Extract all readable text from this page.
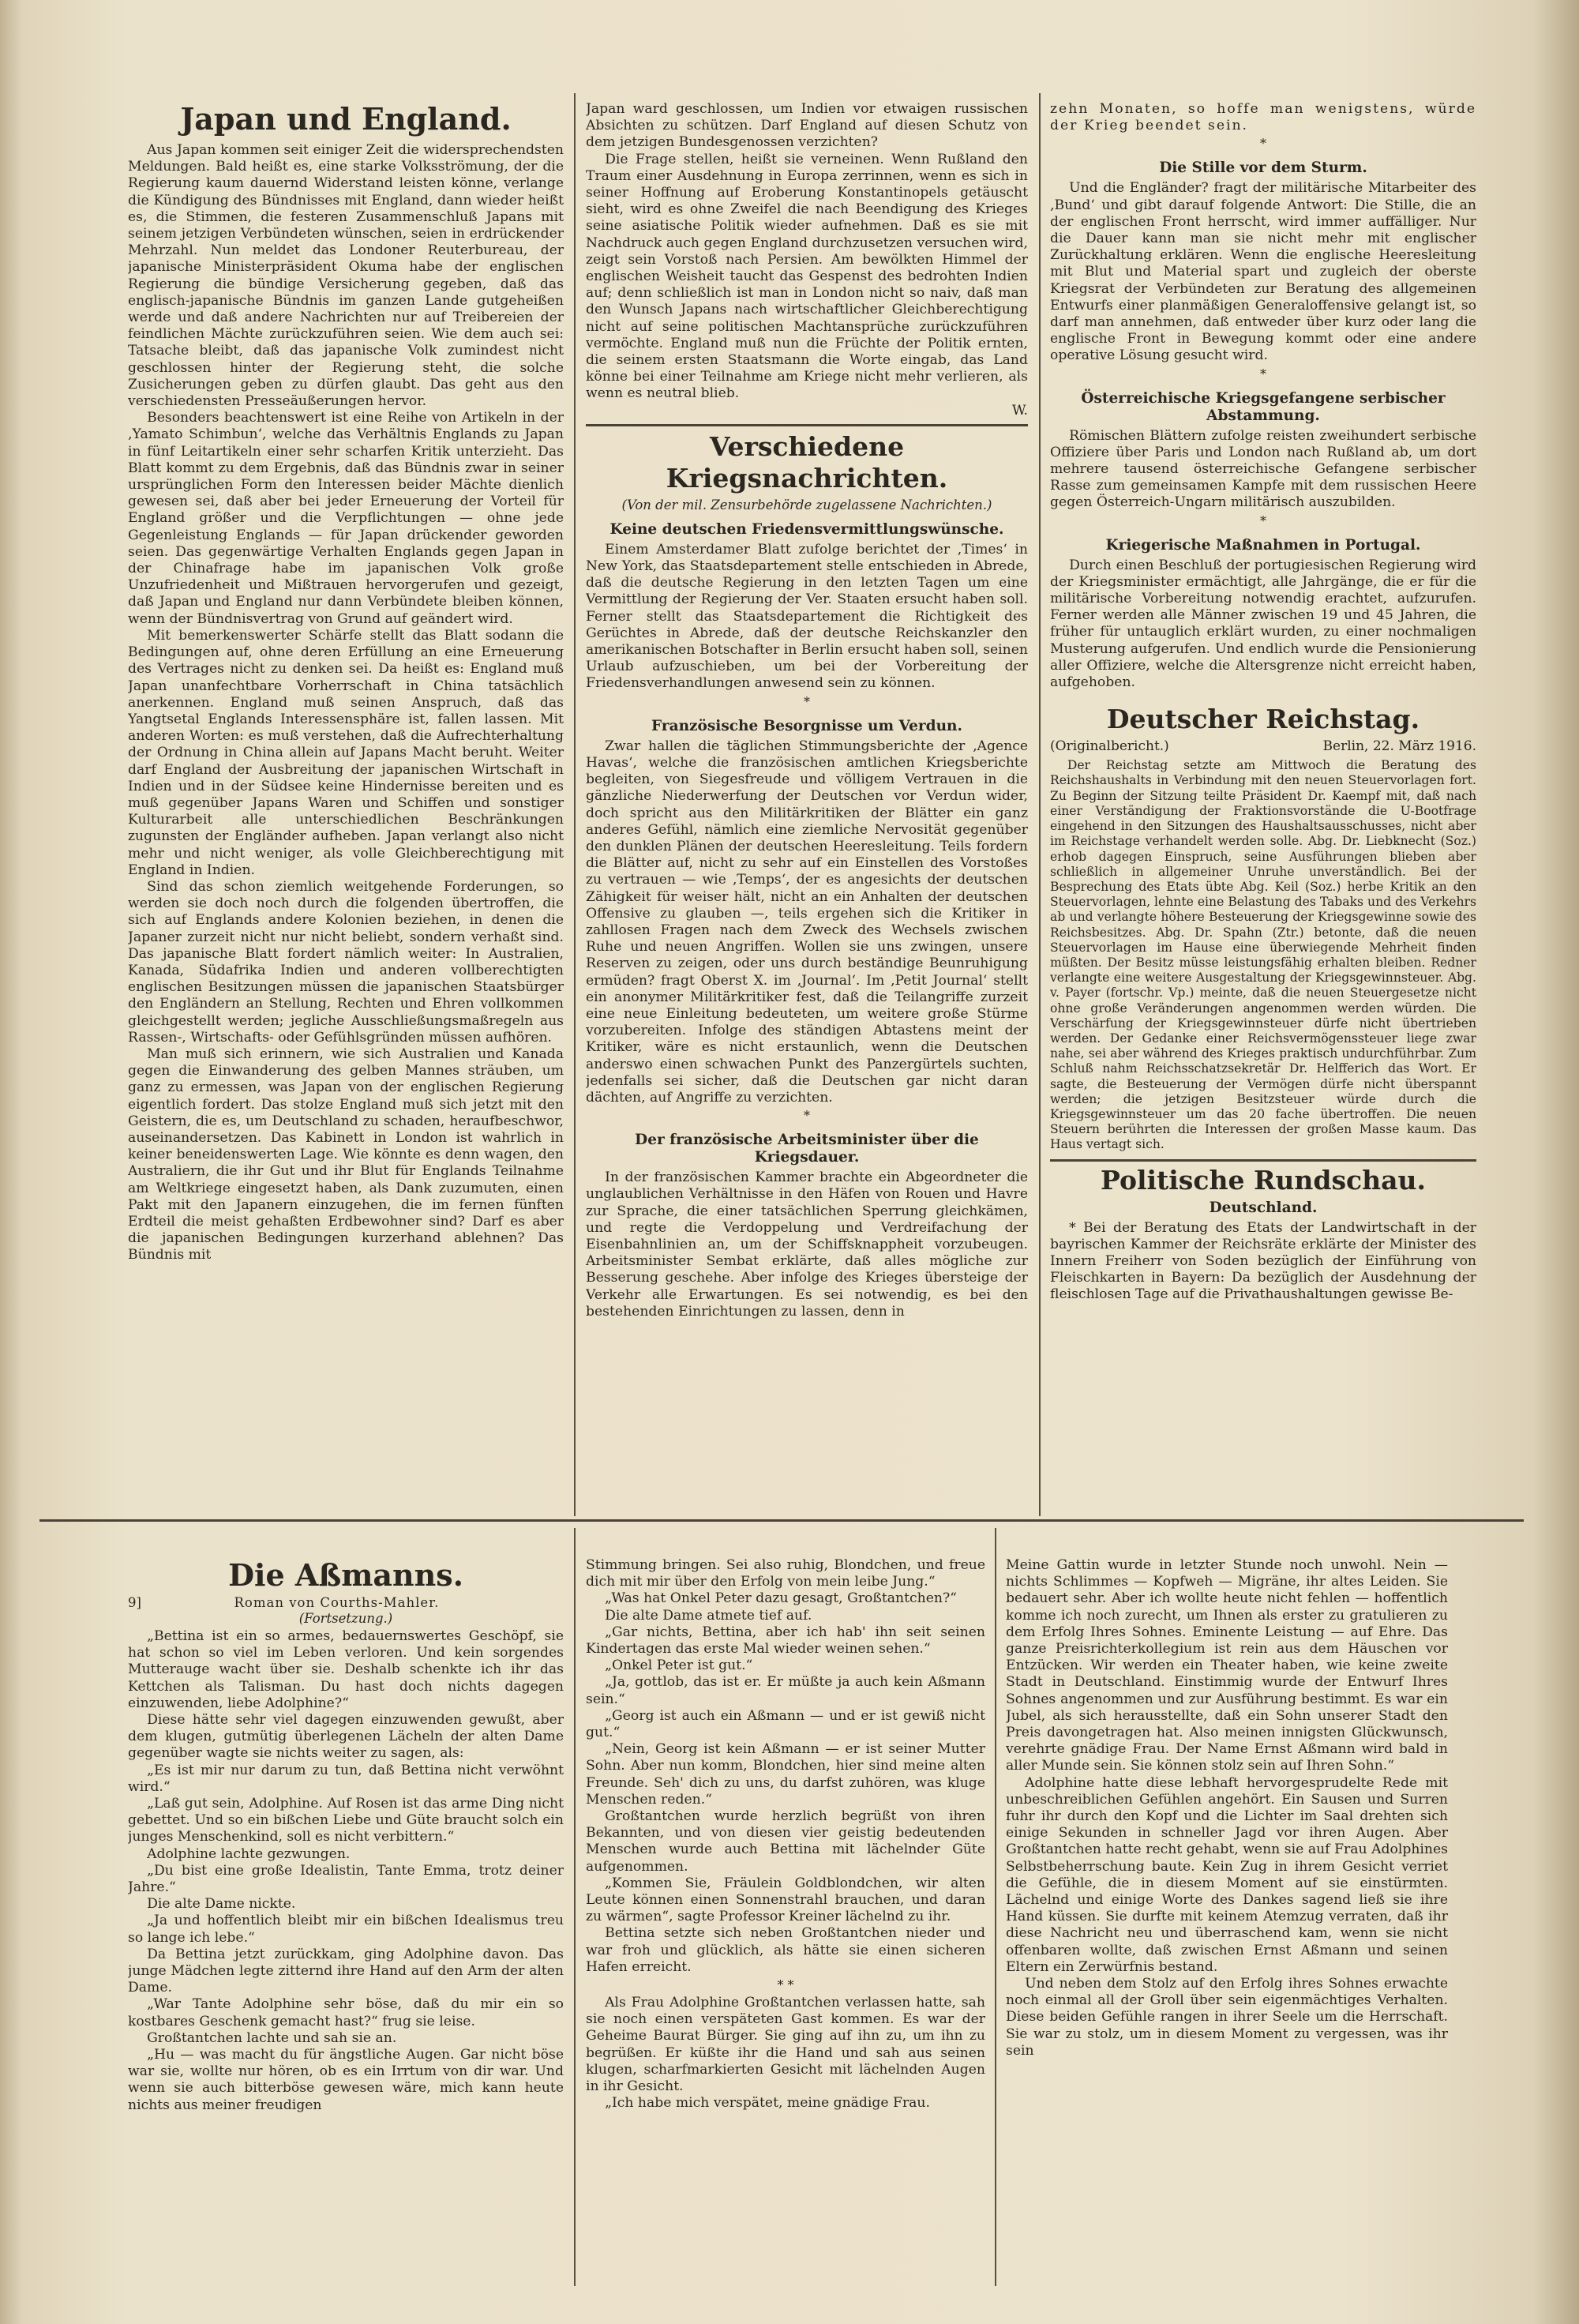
Japan und England.

Aus Japan kommen seit einiger Zeit die widersprechendsten Meldungen. Bald heißt es, eine starke Volksströmung, der die Regierung kaum dauernd Widerstand leisten könne, verlange die Kündigung des Bündnisses mit England, dann wieder heißt es, die Stimmen, die festeren Zusammenschluß Japans mit seinem jetzigen Verbündeten wünschen, seien in erdrückender Mehrzahl. Nun meldet das Londoner Reuterbureau, der japanische Ministerpräsident Okuma habe der englischen Regierung die bündige Versicherung gegeben, daß das englisch-japanische Bündnis im ganzen Lande gutgeheißen werde und daß andere Nachrichten nur auf Treibereien der feindlichen Mächte zurückzuführen seien. Wie dem auch sei: Tatsache bleibt, daß das japanische Volk zumindest nicht geschlossen hinter der Regierung steht, die solche Zusicherungen geben zu dürfen glaubt. Das geht aus den verschiedensten Presseäußerungen hervor.

Besonders beachtenswert ist eine Reihe von Artikeln in der ‚Yamato Schimbun‘, welche das Verhältnis Englands zu Japan in fünf Leitartikeln einer sehr scharfen Kritik unterzieht. Das Blatt kommt zu dem Ergebnis, daß das Bündnis zwar in seiner ursprünglichen Form den Interessen beider Mächte dienlich gewesen sei, daß aber bei jeder Erneuerung der Vorteil für England größer und die Verpflichtungen — ohne jede Gegenleistung Englands — für Japan drückender geworden seien. Das gegenwärtige Verhalten Englands gegen Japan in der Chinafrage habe im japanischen Volk große Unzufriedenheit und Mißtrauen hervorgerufen und gezeigt, daß Japan und England nur dann Verbündete bleiben können, wenn der Bündnisvertrag von Grund auf geändert wird.

Mit bemerkenswerter Schärfe stellt das Blatt sodann die Bedingungen auf, ohne deren Erfüllung an eine Erneuerung des Vertrages nicht zu denken sei. Da heißt es: England muß Japan unanfechtbare Vorherrschaft in China tatsächlich anerkennen. England muß seinen Anspruch, daß das Yangtsetal Englands Interessensphäre ist, fallen lassen. Mit anderen Worten: es muß verstehen, daß die Aufrechterhaltung der Ordnung in China allein auf Japans Macht beruht. Weiter darf England der Ausbreitung der japanischen Wirtschaft in Indien und in der Südsee keine Hindernisse bereiten und es muß gegenüber Japans Waren und Schiffen und sonstiger Kulturarbeit alle unterschiedlichen Beschränkungen zugunsten der Engländer aufheben. Japan verlangt also nicht mehr und nicht weniger, als volle Gleichberechtigung mit England in Indien.

Sind das schon ziemlich weitgehende Forderungen, so werden sie doch noch durch die folgenden übertroffen, die sich auf Englands andere Kolonien beziehen, in denen die Japaner zurzeit nicht nur nicht beliebt, sondern verhaßt sind. Das japanische Blatt fordert nämlich weiter: In Australien, Kanada, Südafrika Indien und anderen vollberechtigten englischen Besitzungen müssen die japanischen Staatsbürger den Engländern an Stellung, Rechten und Ehren vollkommen gleichgestellt werden; jegliche Ausschließungsmaßregeln aus Rassen-, Wirtschafts- oder Gefühlsgründen müssen aufhören.

Man muß sich erinnern, wie sich Australien und Kanada gegen die Einwanderung des gelben Mannes sträuben, um ganz zu ermessen, was Japan von der englischen Regierung eigentlich fordert. Das stolze England muß sich jetzt mit den Geistern, die es, um Deutschland zu schaden, heraufbeschwor, auseinandersetzen. Das Kabinett in London ist wahrlich in keiner beneidenswerten Lage. Wie könnte es denn wagen, den Australiern, die ihr Gut und ihr Blut für Englands Teilnahme am Weltkriege eingesetzt haben, als Dank zuzumuten, einen Pakt mit den Japanern einzugehen, die im fernen fünften Erdteil die meist gehaßten Erdbewohner sind? Darf es aber die japanischen Bedingungen kurzerhand ablehnen? Das Bündnis mit

Japan ward geschlossen, um Indien vor etwaigen russischen Absichten zu schützen. Darf England auf diesen Schutz von dem jetzigen Bundesgenossen verzichten?

Die Frage stellen, heißt sie verneinen. Wenn Rußland den Traum einer Ausdehnung in Europa zerrinnen, wenn es sich in seiner Hoffnung auf Eroberung Konstantinopels getäuscht sieht, wird es ohne Zweifel die nach Beendigung des Krieges seine asiatische Politik wieder aufnehmen. Daß es sie mit Nachdruck auch gegen England durchzusetzen versuchen wird, zeigt sein Vorstoß nach Persien. Am bewölkten Himmel der englischen Weisheit taucht das Gespenst des bedrohten Indien auf; denn schließlich ist man in London nicht so naiv, daß man den Wunsch Japans nach wirtschaftlicher Gleichberechtigung nicht auf seine politischen Machtansprüche zurückzuführen vermöchte. England muß nun die Früchte der Politik ernten, die seinem ersten Staatsmann die Worte eingab, das Land könne bei einer Teilnahme am Kriege nicht mehr verlieren, als wenn es neutral blieb.

W.
Verschiedene Kriegsnachrichten.
(Von der mil. Zensurbehörde zugelassene Nachrichten.)
Keine deutschen Friedensvermittlungswünsche.

Einem Amsterdamer Blatt zufolge berichtet der ‚Times‘ in New York, das Staatsdepartement stelle entschieden in Abrede, daß die deutsche Regierung in den letzten Tagen um eine Vermittlung der Regierung der Ver. Staaten ersucht haben soll. Ferner stellt das Staatsdepartement die Richtigkeit des Gerüchtes in Abrede, daß der deutsche Reichskanzler den amerikanischen Botschafter in Berlin ersucht haben soll, seinen Urlaub aufzuschieben, um bei der Vorbereitung der Friedensverhandlungen anwesend sein zu können.

*
Französische Besorgnisse um Verdun.

Zwar hallen die täglichen Stimmungsberichte der ‚Agence Havas‘, welche die französischen amtlichen Kriegsberichte begleiten, von Siegesfreude und völligem Vertrauen in die gänzliche Niederwerfung der Deutschen vor Verdun wider, doch spricht aus den Militärkritiken der Blätter ein ganz anderes Gefühl, nämlich eine ziemliche Nervosität gegenüber den dunklen Plänen der deutschen Heeresleitung. Teils fordern die Blätter auf, nicht zu sehr auf ein Einstellen des Vorstoßes zu vertrauen — wie ‚Temps‘, der es angesichts der deutschen Zähigkeit für weiser hält, nicht an ein Anhalten der deutschen Offensive zu glauben —, teils ergehen sich die Kritiker in zahllosen Fragen nach dem Zweck des Wechsels zwischen Ruhe und neuen Angriffen. Wollen sie uns zwingen, unsere Reserven zu zeigen, oder uns durch beständige Beunruhigung ermüden? fragt Oberst X. im ‚Journal‘. Im ‚Petit Journal‘ stellt ein anonymer Militärkritiker fest, daß die Teilangriffe zurzeit eine neue Einleitung bedeuteten, um weitere große Stürme vorzubereiten. Infolge des ständigen Abtastens meint der Kritiker, wäre es nicht erstaunlich, wenn die Deutschen anderswo einen schwachen Punkt des Panzergürtels suchten, jedenfalls sei sicher, daß die Deutschen gar nicht daran dächten, auf Angriffe zu verzichten.

*
Der französische Arbeitsminister über die Kriegsdauer.

In der französischen Kammer brachte ein Abgeordneter die unglaublichen Verhältnisse in den Häfen von Rouen und Havre zur Sprache, die einer tatsächlichen Sperrung gleichkämen, und regte die Verdoppelung und Verdreifachung der Eisenbahnlinien an, um der Schiffsknappheit vorzubeugen. Arbeitsminister Sembat erklärte, daß alles mögliche zur Besserung geschehe. Aber infolge des Krieges übersteige der Verkehr alle Erwartungen. Es sei notwendig, es bei den bestehenden Einrichtungen zu lassen, denn in

zehn Monaten, so hoffe man wenigstens, würde der Krieg beendet sein.

*
Die Stille vor dem Sturm.

Und die Engländer? fragt der militärische Mitarbeiter des ‚Bund‘ und gibt darauf folgende Antwort: Die Stille, die an der englischen Front herrscht, wird immer auffälliger. Nur die Dauer kann man sie nicht mehr mit englischer Zurückhaltung erklären. Wenn die englische Heeresleitung mit Blut und Material spart und zugleich der oberste Kriegsrat der Verbündeten zur Beratung des allgemeinen Entwurfs einer planmäßigen Generaloffensive gelangt ist, so darf man annehmen, daß entweder über kurz oder lang die englische Front in Bewegung kommt oder eine andere operative Lösung gesucht wird.

*
Österreichische Kriegsgefangene serbischer Abstammung.

Römischen Blättern zufolge reisten zweihundert serbische Offiziere über Paris und London nach Rußland ab, um dort mehrere tausend österreichische Gefangene serbischer Rasse zum gemeinsamen Kampfe mit dem russischen Heere gegen Österreich-Ungarn militärisch auszubilden.

*
Kriegerische Maßnahmen in Portugal.

Durch einen Beschluß der portugiesischen Regierung wird der Kriegsminister ermächtigt, alle Jahrgänge, die er für die militärische Vorbereitung notwendig erachtet, aufzurufen. Ferner werden alle Männer zwischen 19 und 45 Jahren, die früher für untauglich erklärt wurden, zu einer nochmaligen Musterung aufgerufen. Und endlich wurde die Pensionierung aller Offiziere, welche die Altersgrenze nicht erreicht haben, aufgehoben.

Deutscher Reichstag.
(Originalbericht.)	Berlin, 22. März 1916.

Der Reichstag setzte am Mittwoch die Beratung des Reichshaushalts in Verbindung mit den neuen Steuervorlagen fort. Zu Beginn der Sitzung teilte Präsident Dr. Kaempf mit, daß nach einer Verständigung der Fraktionsvorstände die U-Bootfrage eingehend in den Sitzungen des Haushaltsausschusses, nicht aber im Reichstage verhandelt werden solle. Abg. Dr. Liebknecht (Soz.) erhob dagegen Einspruch, seine Ausführungen blieben aber schließlich in allgemeiner Unruhe unverständlich. Bei der Besprechung des Etats übte Abg. Keil (Soz.) herbe Kritik an den Steuervorlagen, lehnte eine Belastung des Tabaks und des Verkehrs ab und verlangte höhere Besteuerung der Kriegsgewinne sowie des Reichsbesitzes. Abg. Dr. Spahn (Ztr.) betonte, daß die neuen Steuervorlagen im Hause eine überwiegende Mehrheit finden müßten. Der Besitz müsse leistungsfähig erhalten bleiben. Redner verlangte eine weitere Ausgestaltung der Kriegsgewinnsteuer. Abg. v. Payer (fortschr. Vp.) meinte, daß die neuen Steuergesetze nicht ohne große Veränderungen angenommen werden würden. Die Verschärfung der Kriegsgewinnsteuer dürfe nicht übertrieben werden. Der Gedanke einer Reichsvermögenssteuer liege zwar nahe, sei aber während des Krieges praktisch undurchführbar. Zum Schluß nahm Reichsschatzsekretär Dr. Helfferich das Wort. Er sagte, die Besteuerung der Vermögen dürfe nicht überspannt werden; die jetzigen Besitzsteuer würde durch die Kriegsgewinnsteuer um das 20 fache übertroffen. Die neuen Steuern berührten die Interessen der großen Masse kaum. Das Haus vertagt sich.

Politische Rundschau.
Deutschland.

* Bei der Beratung des Etats der Landwirtschaft in der bayrischen Kammer der Reichsräte erklärte der Minister des Innern Freiherr von Soden bezüglich der Einführung von Fleischkarten in Bayern: Da bezüglich der Ausdehnung der fleischlosen Tage auf die Privathaushaltungen gewisse Be-

Die Aßmanns.
9]	Roman von Courths-Mahler.
(Fortsetzung.)

„Bettina ist ein so armes, bedauernswertes Geschöpf, sie hat schon so viel im Leben verloren. Und kein sorgendes Mutterauge wacht über sie. Deshalb schenkte ich ihr das Kettchen als Talisman. Du hast doch nichts dagegen einzuwenden, liebe Adolphine?“

Diese hätte sehr viel dagegen einzuwenden gewußt, aber dem klugen, gutmütig überlegenen Lächeln der alten Dame gegenüber wagte sie nichts weiter zu sagen, als:

„Es ist mir nur darum zu tun, daß Bettina nicht verwöhnt wird.“

„Laß gut sein, Adolphine. Auf Rosen ist das arme Ding nicht gebettet. Und so ein bißchen Liebe und Güte braucht solch ein junges Menschenkind, soll es nicht verbittern.“

Adolphine lachte gezwungen.

„Du bist eine große Idealistin, Tante Emma, trotz deiner Jahre.“

Die alte Dame nickte.

„Ja und hoffentlich bleibt mir ein bißchen Idealismus treu so lange ich lebe.“

Da Bettina jetzt zurückkam, ging Adolphine davon. Das junge Mädchen legte zitternd ihre Hand auf den Arm der alten Dame.

„War Tante Adolphine sehr böse, daß du mir ein so kostbares Geschenk gemacht hast?“ frug sie leise.

Großtantchen lachte und sah sie an.

„Hu — was macht du für ängstliche Augen. Gar nicht böse war sie, wollte nur hören, ob es ein Irrtum von dir war. Und wenn sie auch bitterböse gewesen wäre, mich kann heute nichts aus meiner freudigen

Stimmung bringen. Sei also ruhig, Blondchen, und freue dich mit mir über den Erfolg von mein leibe Jung.“

„Was hat Onkel Peter dazu gesagt, Großtantchen?“

Die alte Dame atmete tief auf.

„Gar nichts, Bettina, aber ich hab' ihn seit seinen Kindertagen das erste Mal wieder weinen sehen.“

„Onkel Peter ist gut.“

„Ja, gottlob, das ist er. Er müßte ja auch kein Aßmann sein.“

„Georg ist auch ein Aßmann — und er ist gewiß nicht gut.“

„Nein, Georg ist kein Aßmann — er ist seiner Mutter Sohn. Aber nun komm, Blondchen, hier sind meine alten Freunde. Seh' dich zu uns, du darfst zuhören, was kluge Menschen reden.“

Großtantchen wurde herzlich begrüßt von ihren Bekannten, und von diesen vier geistig bedeutenden Menschen wurde auch Bettina mit lächelnder Güte aufgenommen.

„Kommen Sie, Fräulein Goldblondchen, wir alten Leute können einen Sonnenstrahl brauchen, und daran zu wärmen“, sagte Professor Kreiner lächelnd zu ihr.

Bettina setzte sich neben Großtantchen nieder und war froh und glücklich, als hätte sie einen sicheren Hafen erreicht.

* *

Als Frau Adolphine Großtantchen verlassen hatte, sah sie noch einen verspäteten Gast kommen. Es war der Geheime Baurat Bürger. Sie ging auf ihn zu, um ihn zu begrüßen. Er küßte ihr die Hand und sah aus seinen klugen, scharfmarkierten Gesicht mit lächelnden Augen in ihr Gesicht.

„Ich habe mich verspätet, meine gnädige Frau.

Meine Gattin wurde in letzter Stunde noch unwohl. Nein — nichts Schlimmes — Kopfweh — Migräne, ihr altes Leiden. Sie bedauert sehr. Aber ich wollte heute nicht fehlen — hoffentlich komme ich noch zurecht, um Ihnen als erster zu gratulieren zu dem Erfolg Ihres Sohnes. Eminente Leistung — auf Ehre. Das ganze Preisrichterkollegium ist rein aus dem Häuschen vor Entzücken. Wir werden ein Theater haben, wie keine zweite Stadt in Deutschland. Einstimmig wurde der Entwurf Ihres Sohnes angenommen und zur Ausführung bestimmt. Es war ein Jubel, als sich herausstellte, daß ein Sohn unserer Stadt den Preis davongetragen hat. Also meinen innigsten Glückwunsch, verehrte gnädige Frau. Der Name Ernst Aßmann wird bald in aller Munde sein. Sie können stolz sein auf Ihren Sohn.“

Adolphine hatte diese lebhaft hervorgesprudelte Rede mit unbeschreiblichen Gefühlen angehört. Ein Sausen und Surren fuhr ihr durch den Kopf und die Lichter im Saal drehten sich einige Sekunden in schneller Jagd vor ihren Augen. Aber Großtantchen hatte recht gehabt, wenn sie auf Frau Adolphines Selbstbeherrschung baute. Kein Zug in ihrem Gesicht verriet die Gefühle, die in diesem Moment auf sie einstürmten. Lächelnd und einige Worte des Dankes sagend ließ sie ihre Hand küssen. Sie durfte mit keinem Atemzug verraten, daß ihr diese Nachricht neu und überraschend kam, wenn sie nicht offenbaren wollte, daß zwischen Ernst Aßmann und seinen Eltern ein Zerwürfnis bestand.

Und neben dem Stolz auf den Erfolg ihres Sohnes erwachte noch einmal all der Groll über sein eigenmächtiges Verhalten. Diese beiden Gefühle rangen in ihrer Seele um die Herrschaft. Sie war zu stolz, um in diesem Moment zu vergessen, was ihr sein
